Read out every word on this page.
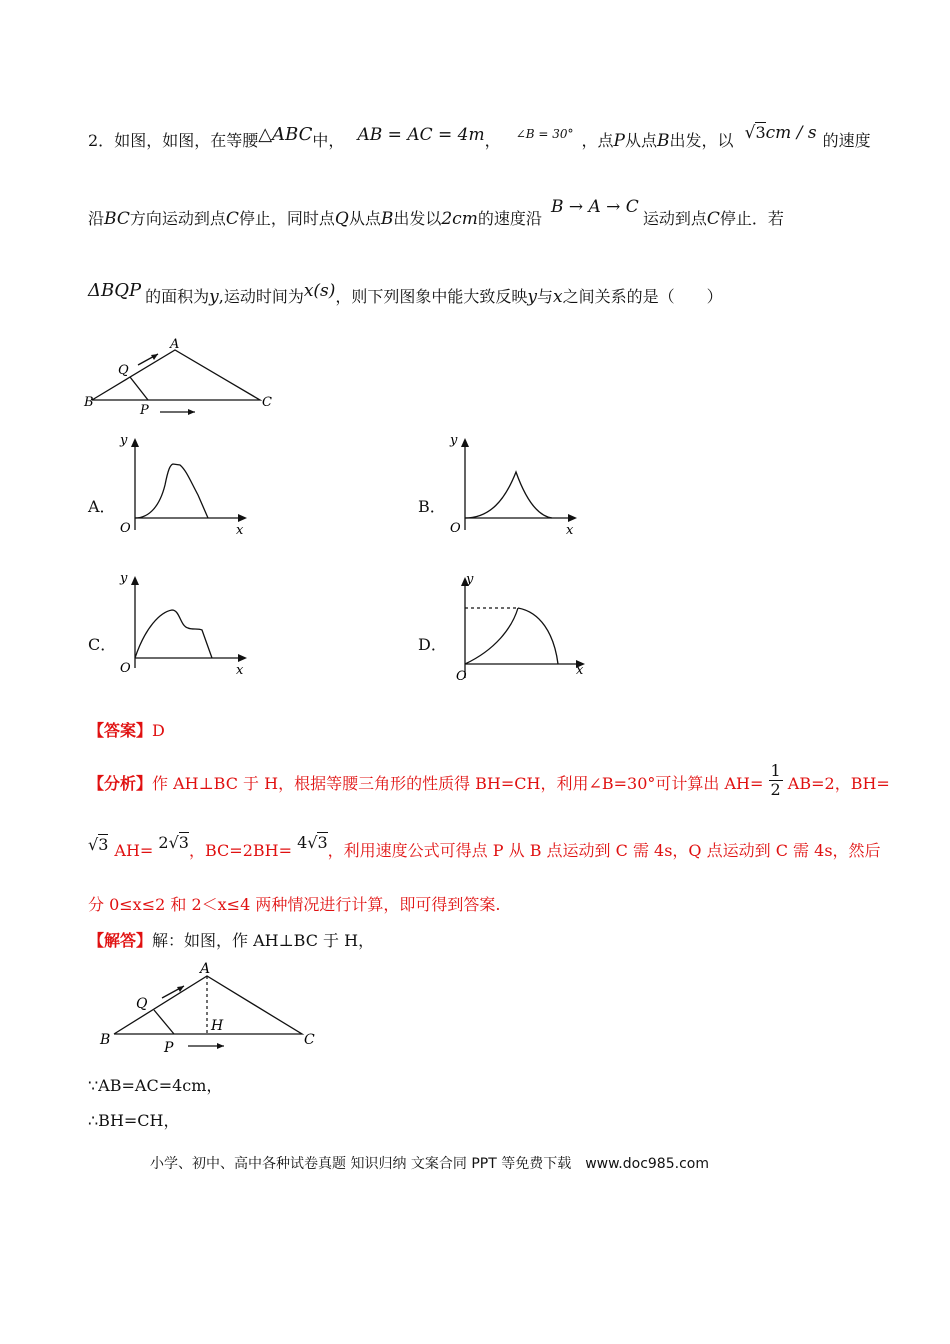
2．如图，如图，在等腰△ABC中， AB = AC = 4m， $^{\angle B = 30^\circ}$ ，点P从点B出发，以 √3cm / s 的速度
沿BC方向运动到点C停止，同时点Q从点B出发以2cm的速度沿 B → A → C运动到点C停止．若
ΔBQP 的面积为y,运动时间为x(s)，则下列图象中能大致反映y与x之间关系的是（　　）
A
B	C
P
Q
A．
y
x
O
B．
y
x
O
C．
y
x
O
D．
y
x
O
【答案】D
【分析】作 AH⊥BC 于 H，根据等腰三角形的性质得 BH=CH，利用∠B=30°可计算出 $AH= \frac{1}{2} AB=2$，BH=
√3 AH= 2√3，BC=2BH= 4√3，利用速度公式可得点 P 从 B 点运动到 C 需 4s，Q 点运动到 C 需 4s，然后
分 0≤x≤2 和 2＜x≤4 两种情况进行计算，即可得到答案.
【解答】解：如图，作 AH⊥BC 于 H，
A
B	C
P
Q
H
∵AB=AC=4cm，
∴BH=CH，
小学、初中、高中各种试卷真题 知识归纳 文案合同 PPT 等免费下载　www.doc985.com
